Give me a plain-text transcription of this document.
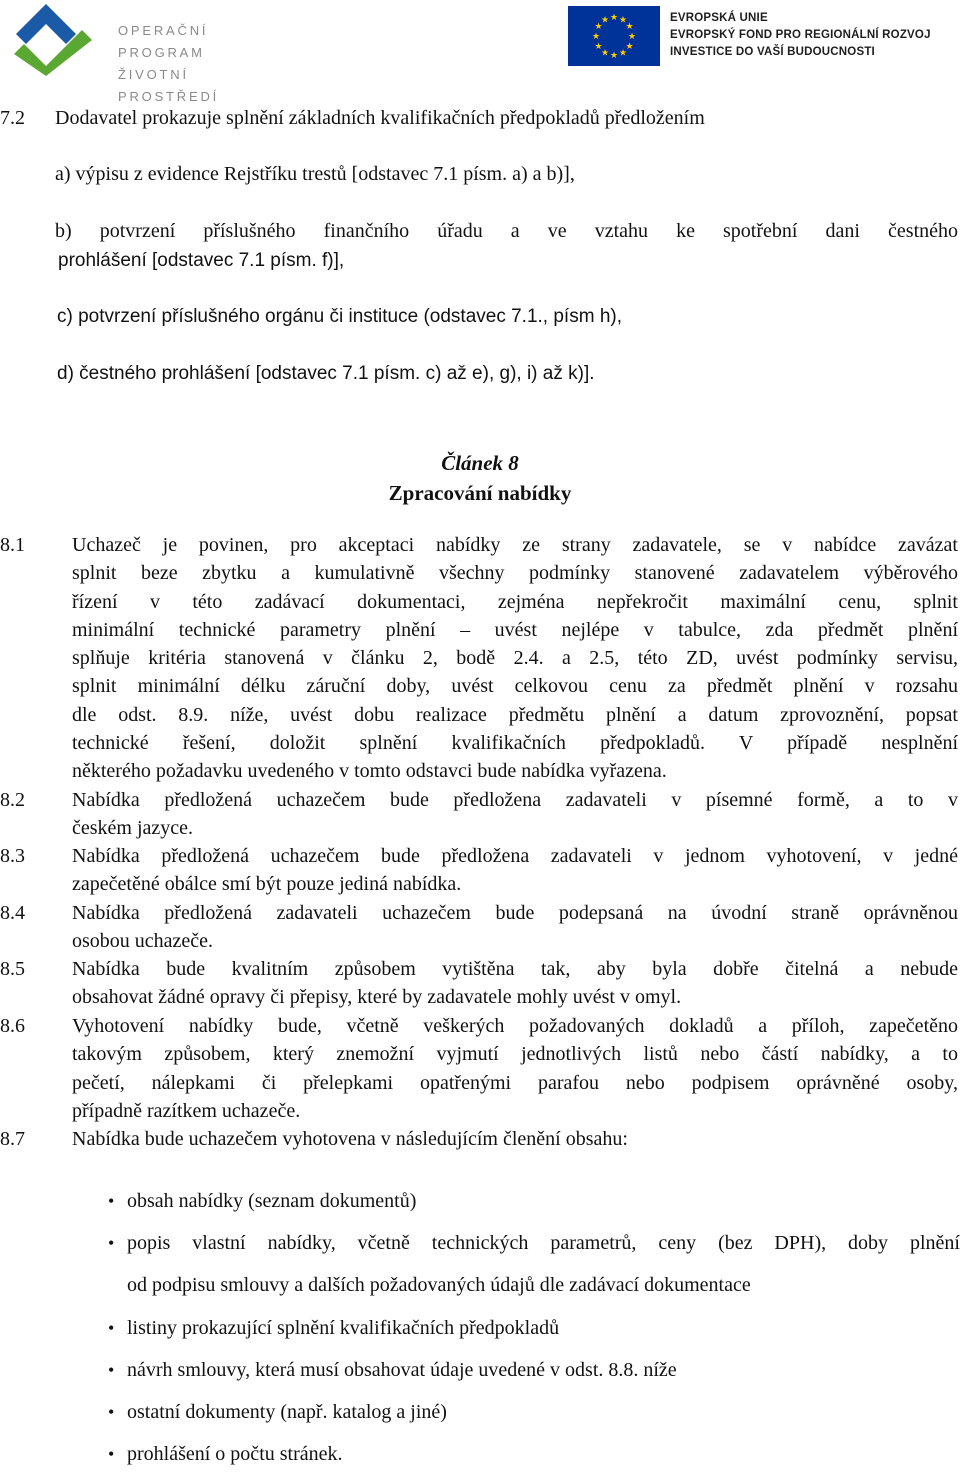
OPERAČNÍ PROGRAM
ŽIVOTNÍ PROSTŘEDÍ
★ ★
★
★
★
★
★
★
★
★
★
★	EVROPSKÁ UNIE
EVROPSKÝ FOND PRO REGIONÁLNÍ ROZVOJ
INVESTICE DO VAŠÍ BUDOUCNOSTI
7.2 Dodavatel prokazuje splnění základních kvalifikačních předpokladů předložením
a) výpisu z evidence Rejstříku trestů [odstavec 7.1 písm. a) a b)],
b) potvrzení příslušného finančního úřadu a ve vztahu ke spotřební dani čestného
prohlášení [odstavec 7.1 písm. f)],
c) potvrzení příslušného orgánu či instituce (odstavec 7.1., písm h),
d) čestného prohlášení [odstavec 7.1 písm. c) až e), g), i) až k)].
Článek 8
Zpracování nabídky
8.1 Uchazeč je povinen, pro akceptaci nabídky ze strany zadavatele, se v nabídce zavázat
splnit beze zbytku a kumulativně všechny podmínky stanovené zadavatelem výběrového
řízení v této zadávací dokumentaci, zejména nepřekročit maximální cenu, splnit
minimální technické parametry plnění – uvést nejlépe v tabulce, zda předmět plnění
splňuje kritéria stanovená v článku 2, bodě 2.4. a 2.5, této ZD, uvést podmínky servisu,
splnit minimální délku záruční doby, uvést celkovou cenu za předmět plnění v rozsahu
dle odst. 8.9. níže, uvést dobu realizace předmětu plnění a datum zprovoznění, popsat
technické řešení, doložit splnění kvalifikačních předpokladů. V případě nesplnění
některého požadavku uvedeného v tomto odstavci bude nabídka vyřazena.
8.2 Nabídka předložená uchazečem bude předložena zadavateli v písemné formě, a to v
českém jazyce.
8.3 Nabídka předložená uchazečem bude předložena zadavateli v jednom vyhotovení, v jedné
zapečetěné obálce smí být pouze jediná nabídka.
8.4 Nabídka předložená zadavateli uchazečem bude podepsaná na úvodní straně oprávněnou
osobou uchazeče.
8.5 Nabídka bude kvalitním způsobem vytištěna tak, aby byla dobře čitelná a nebude
obsahovat žádné opravy či přepisy, které by zadavatele mohly uvést v omyl.
8.6 Vyhotovení nabídky bude, včetně veškerých požadovaných dokladů a příloh, zapečetěno
takovým způsobem, který znemožní vyjmutí jednotlivých listů nebo částí nabídky, a to
pečetí, nálepkami či přelepkami opatřenými parafou nebo podpisem oprávněné osoby,
případně razítkem uchazeče.
8.7 Nabídka bude uchazečem vyhotovena v následujícím členění obsahu:
• obsah nabídky (seznam dokumentů)
• popis vlastní nabídky, včetně technických parametrů, ceny (bez DPH), doby plnění
od podpisu smlouvy a dalších požadovaných údajů dle zadávací dokumentace
• listiny prokazující splnění kvalifikačních předpokladů
• návrh smlouvy, která musí obsahovat údaje uvedené v odst. 8.8. níže
• ostatní dokumenty (např. katalog a jiné)
• prohlášení o počtu stránek.
